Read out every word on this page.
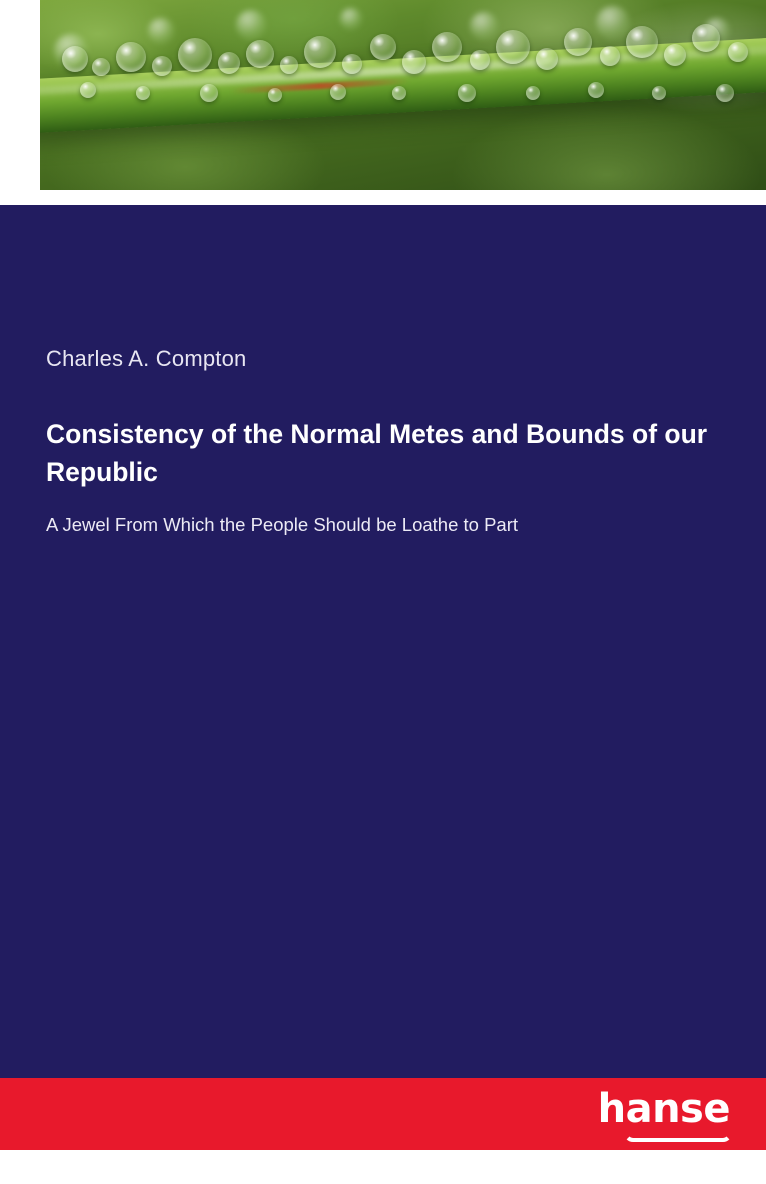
Charles A. Compton

Consistency of the Normal Metes and Bounds of our Republic

A Jewel From Which the People Should be Loathe to Part

hanse
